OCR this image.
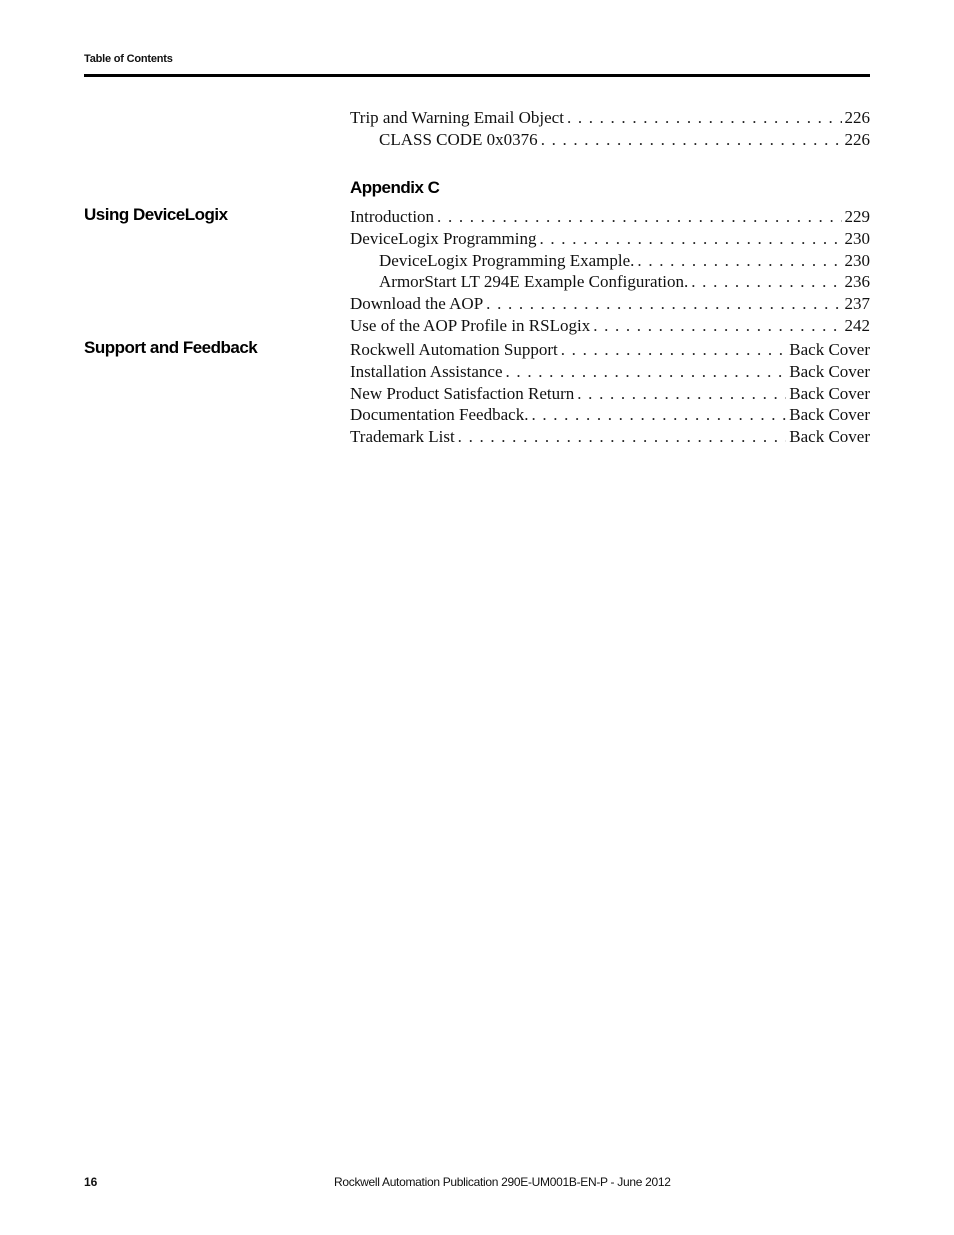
Table of Contents
Trip and Warning Email Object . . .	226
CLASS CODE 0x0376 . . .	226
Appendix C
Using DeviceLogix	Introduction . . .	229
DeviceLogix Programming . . .	230
DeviceLogix Programming Example. . . .	230
ArmorStart LT 294E Example Configuration. . . .	236
Download the AOP . . .	237
Use of the AOP Profile in RSLogix . . .	242
Support and Feedback	Rockwell Automation Support . . .	Back Cover
Installation Assistance . . .	Back Cover
New Product Satisfaction Return . . .	Back Cover
Documentation Feedback. . . .	Back Cover
Trademark List . . .	Back Cover
16	Rockwell Automation Publication 290E-UM001B-EN-P - June 2012
